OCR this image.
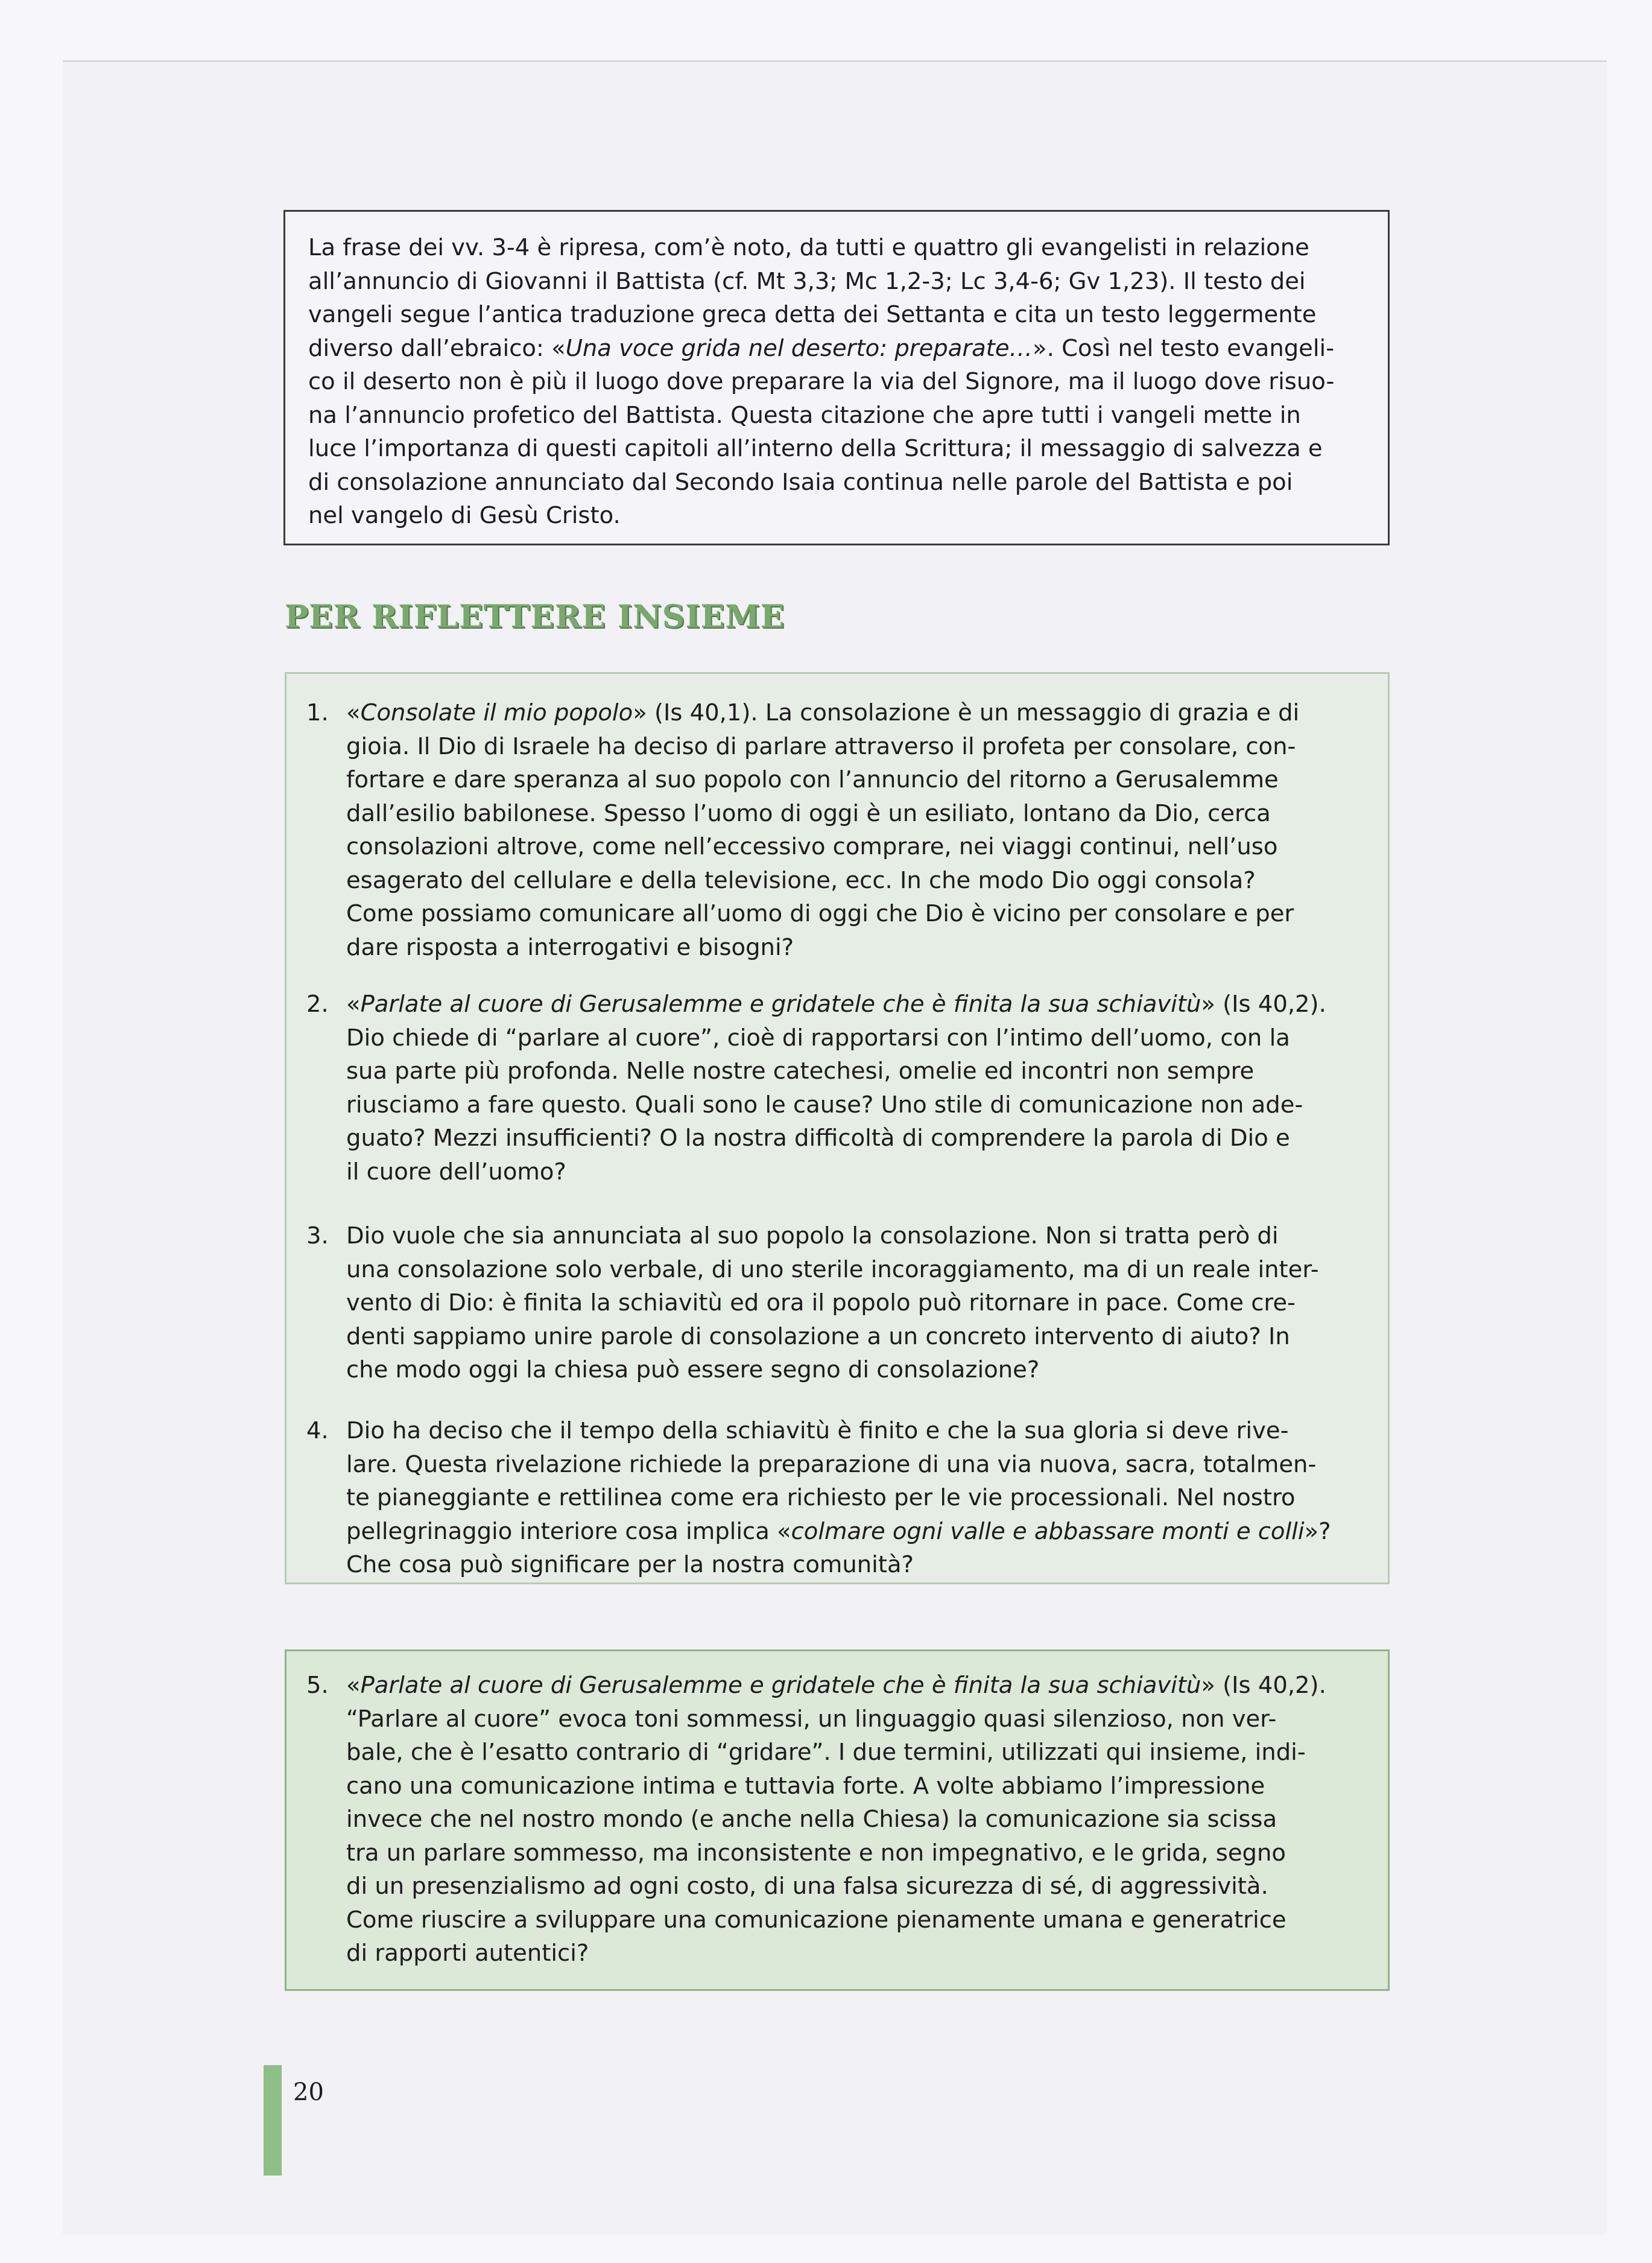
La frase dei vv. 3-4 è ripresa, com’è noto, da tutti e quattro gli evangelisti in relazione
all’annuncio di Giovanni il Battista (cf. Mt 3,3; Mc 1,2-3; Lc 3,4-6; Gv 1,23). Il testo dei
vangeli segue l’antica traduzione greca detta dei Settanta e cita un testo leggermente
diverso dall’ebraico: «Una voce grida nel deserto: preparate…». Così nel testo evangeli-
co il deserto non è più il luogo dove preparare la via del Signore, ma il luogo dove risuo-
na l’annuncio profetico del Battista. Questa citazione che apre tutti i vangeli mette in
luce l’importanza di questi capitoli all’interno della Scrittura; il messaggio di salvezza e
di consolazione annunciato dal Secondo Isaia continua nelle parole del Battista e poi
nel vangelo di Gesù Cristo.
PER RIFLETTERE INSIEME
1. «Consolate il mio popolo» (Is 40,1). La consolazione è un messaggio di grazia e di
gioia. Il Dio di Israele ha deciso di parlare attraverso il profeta per consolare, con-
fortare e dare speranza al suo popolo con l’annuncio del ritorno a Gerusalemme
dall’esilio babilonese. Spesso l’uomo di oggi è un esiliato, lontano da Dio, cerca
consolazioni altrove, come nell’eccessivo comprare, nei viaggi continui, nell’uso
esagerato del cellulare e della televisione, ecc. In che modo Dio oggi consola?
Come possiamo comunicare all’uomo di oggi che Dio è vicino per consolare e per
dare risposta a interrogativi e bisogni?
2. «Parlate al cuore di Gerusalemme e gridatele che è finita la sua schiavitù» (Is 40,2).
Dio chiede di “parlare al cuore”, cioè di rapportarsi con l’intimo dell’uomo, con la
sua parte più profonda. Nelle nostre catechesi, omelie ed incontri non sempre
riusciamo a fare questo. Quali sono le cause? Uno stile di comunicazione non ade-
guato? Mezzi insufficienti? O la nostra difficoltà di comprendere la parola di Dio e
il cuore dell’uomo?
3. Dio vuole che sia annunciata al suo popolo la consolazione. Non si tratta però di
una consolazione solo verbale, di uno sterile incoraggiamento, ma di un reale inter-
vento di Dio: è finita la schiavitù ed ora il popolo può ritornare in pace. Come cre-
denti sappiamo unire parole di consolazione a un concreto intervento di aiuto? In
che modo oggi la chiesa può essere segno di consolazione?
4. Dio ha deciso che il tempo della schiavitù è finito e che la sua gloria si deve rive-
lare. Questa rivelazione richiede la preparazione di una via nuova, sacra, totalmen-
te pianeggiante e rettilinea come era richiesto per le vie processionali. Nel nostro
pellegrinaggio interiore cosa implica «colmare ogni valle e abbassare monti e colli»?
Che cosa può significare per la nostra comunità?
5. «Parlate al cuore di Gerusalemme e gridatele che è finita la sua schiavitù» (Is 40,2).
“Parlare al cuore” evoca toni sommessi, un linguaggio quasi silenzioso, non ver-
bale, che è l’esatto contrario di “gridare”. I due termini, utilizzati qui insieme, indi-
cano una comunicazione intima e tuttavia forte. A volte abbiamo l’impressione
invece che nel nostro mondo (e anche nella Chiesa) la comunicazione sia scissa
tra un parlare sommesso, ma inconsistente e non impegnativo, e le grida, segno
di un presenzialismo ad ogni costo, di una falsa sicurezza di sé, di aggressività.
Come riuscire a sviluppare una comunicazione pienamente umana e generatrice
di rapporti autentici?
20
